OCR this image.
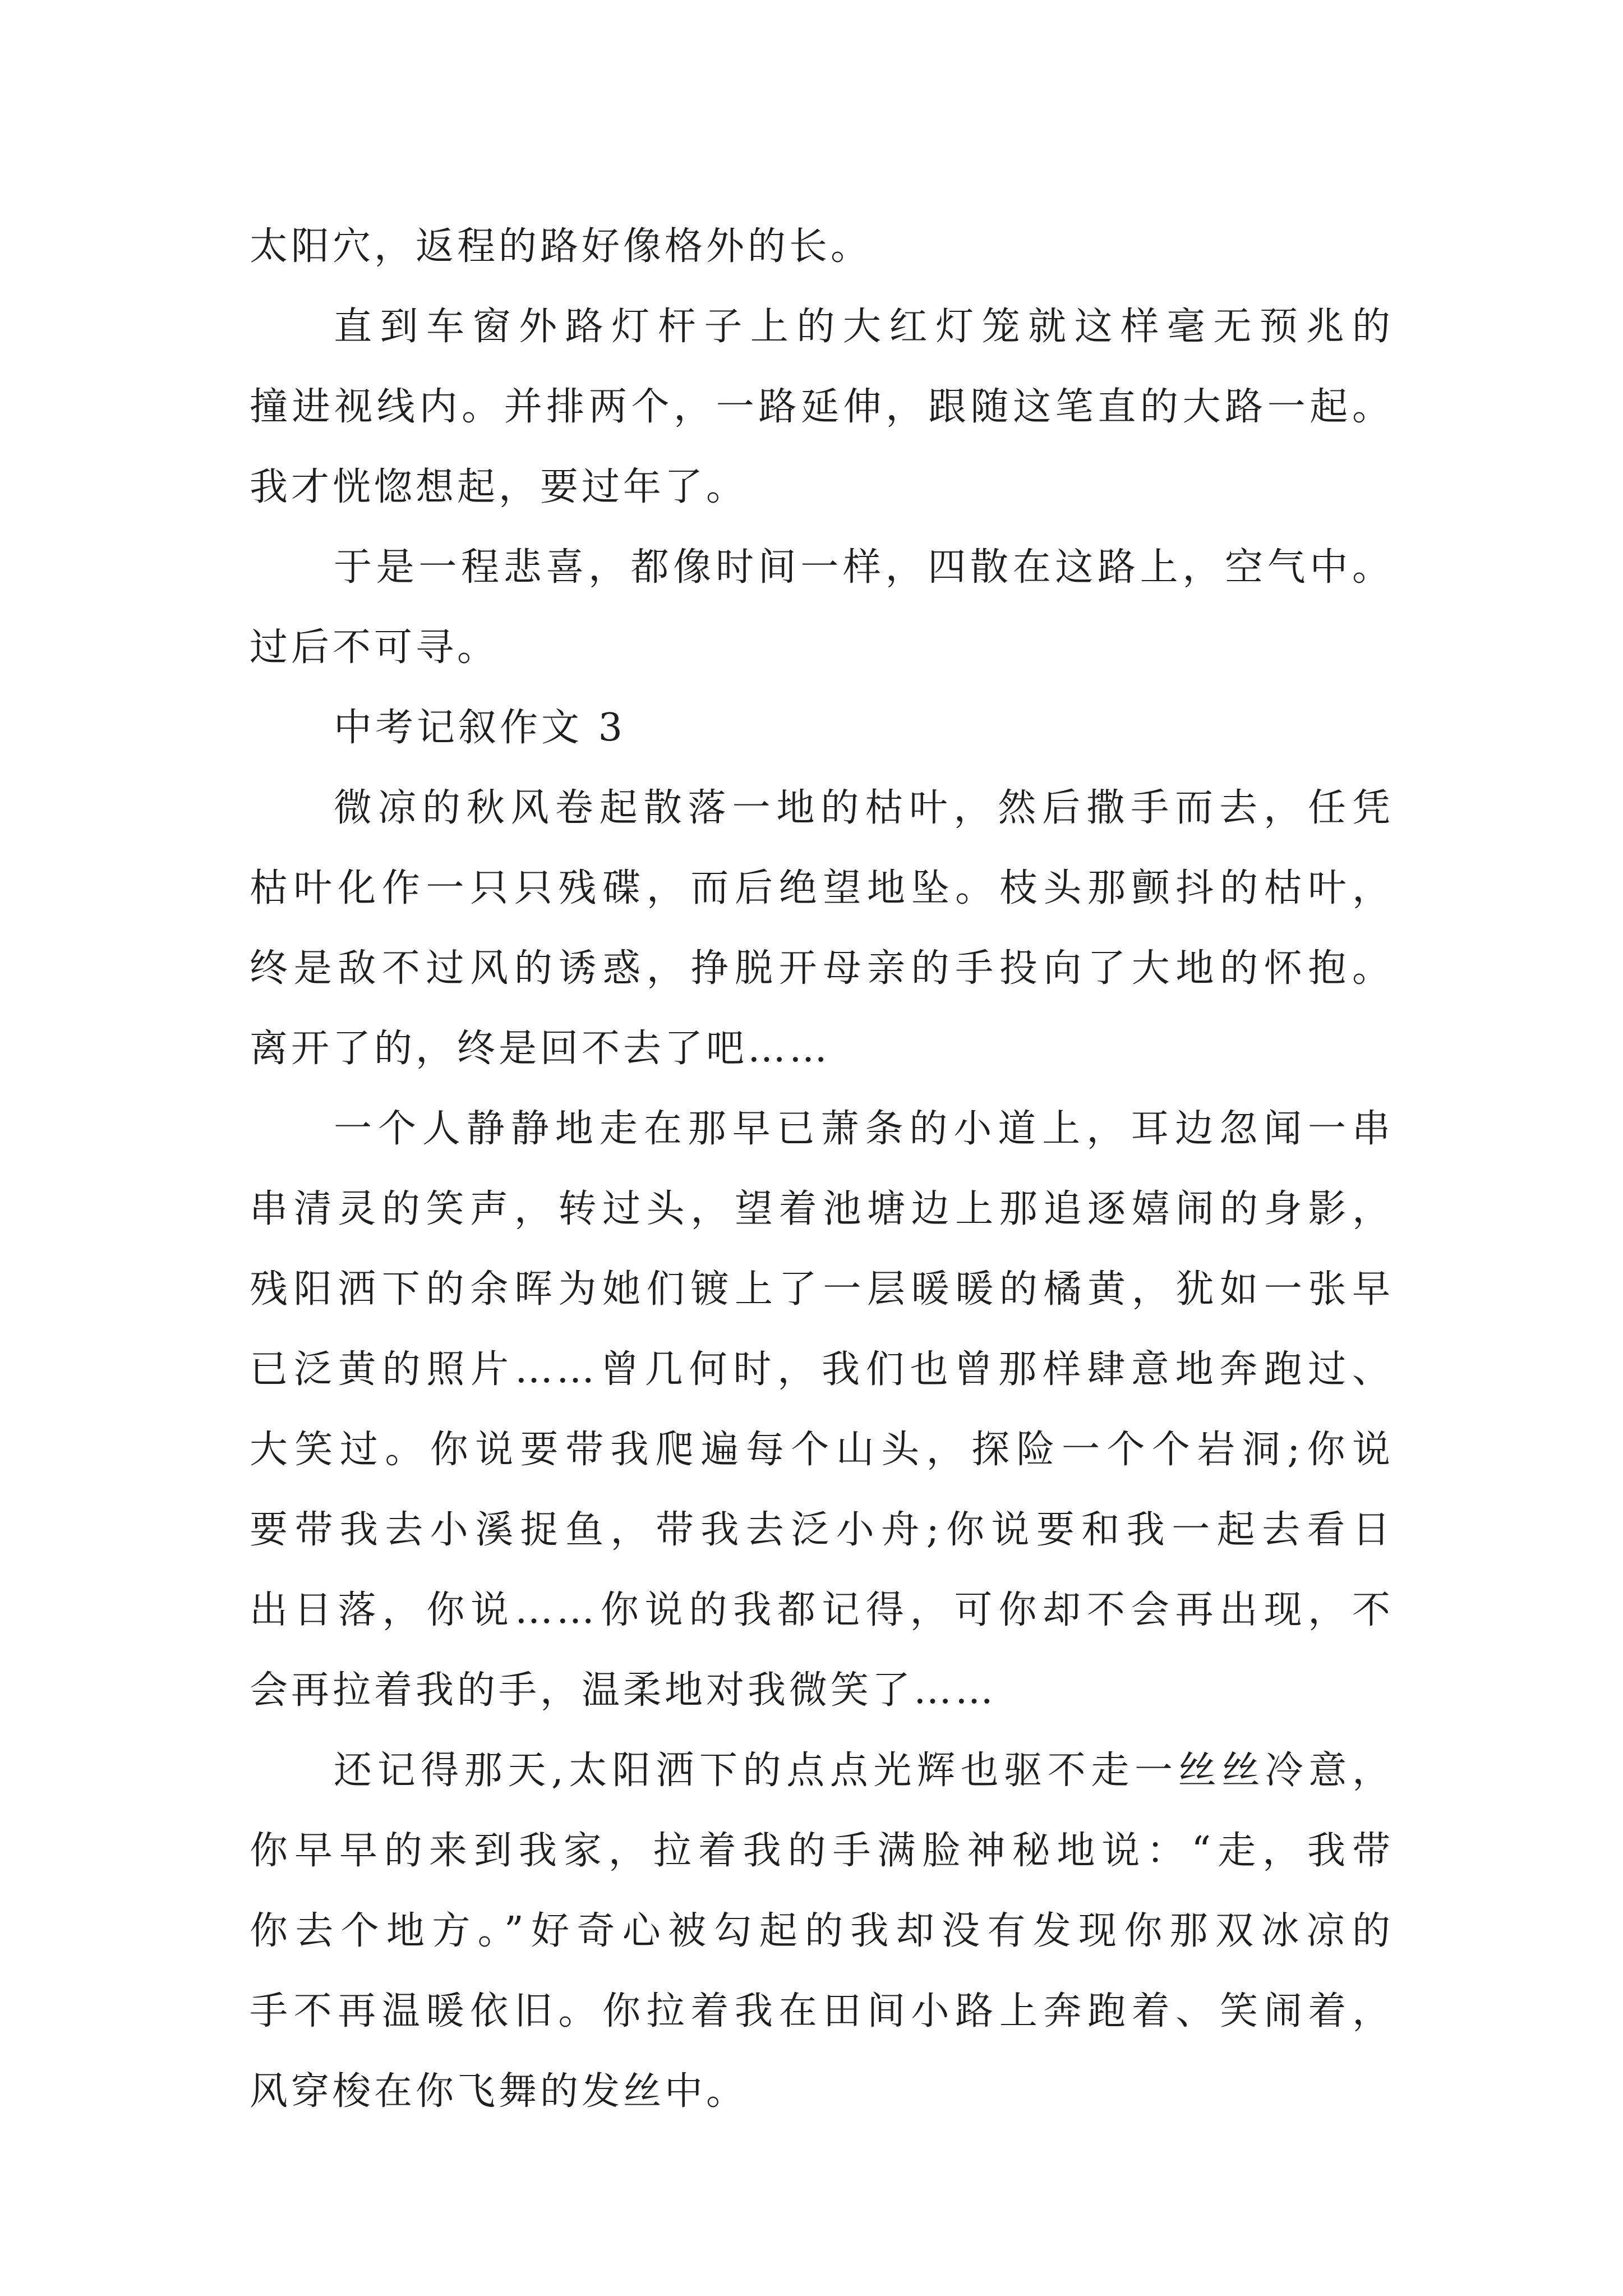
太阳穴，返程的路好像格外的长。
直到车窗外路灯杆子上的大红灯笼就这样毫无预兆的
撞进视线内。并排两个，一路延伸，跟随这笔直的大路一起。
我才恍惚想起，要过年了。
于是一程悲喜，都像时间一样，四散在这路上，空气中。
过后不可寻。
中考记叙作文 3
微凉的秋风卷起散落一地的枯叶，然后撒手而去，任凭
枯叶化作一只只残碟，而后绝望地坠。枝头那颤抖的枯叶，
终是敌不过风的诱惑，挣脱开母亲的手投向了大地的怀抱。
离开了的，终是回不去了吧……
一个人静静地走在那早已萧条的小道上，耳边忽闻一串
串清灵的笑声，转过头，望着池塘边上那追逐嬉闹的身影，
残阳洒下的余晖为她们镀上了一层暖暖的橘黄，犹如一张早
已泛黄的照片……曾几何时，我们也曾那样肆意地奔跑过、
大笑过。你说要带我爬遍每个山头，探险一个个岩洞;你说
要带我去小溪捉鱼，带我去泛小舟;你说要和我一起去看日
出日落，你说……你说的我都记得，可你却不会再出现，不
会再拉着我的手，温柔地对我微笑了……
还记得那天,太阳洒下的点点光辉也驱不走一丝丝冷意，
你早早的来到我家，拉着我的手满脸神秘地说：“走，我带
你去个地方。”好奇心被勾起的我却没有发现你那双冰凉的
手不再温暖依旧。你拉着我在田间小路上奔跑着、笑闹着，
风穿梭在你飞舞的发丝中。
